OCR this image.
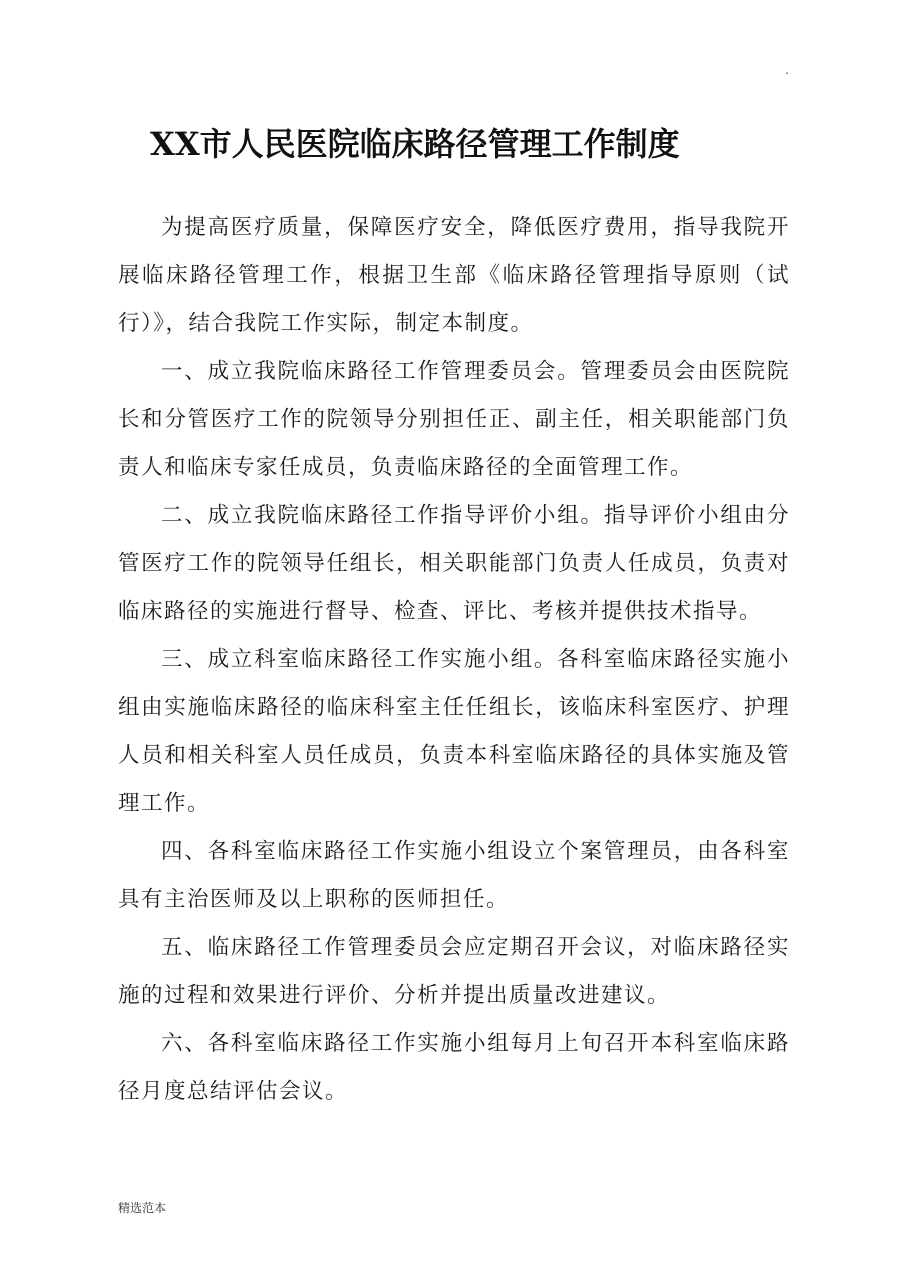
.
XX市人民医院临床路径管理工作制度

为提高医疗质量，保障医疗安全，降低医疗费用，指导我院开展临床路径管理工作，根据卫生部《临床路径管理指导原则（试行）》，结合我院工作实际，制定本制度。

一、成立我院临床路径工作管理委员会。管理委员会由医院院长和分管医疗工作的院领导分别担任正、副主任，相关职能部门负责人和临床专家任成员，负责临床路径的全面管理工作。

二、成立我院临床路径工作指导评价小组。指导评价小组由分管医疗工作的院领导任组长，相关职能部门负责人任成员，负责对临床路径的实施进行督导、检查、评比、考核并提供技术指导。

三、成立科室临床路径工作实施小组。各科室临床路径实施小组由实施临床路径的临床科室主任任组长，该临床科室医疗、护理人员和相关科室人员任成员，负责本科室临床路径的具体实施及管理工作。

四、各科室临床路径工作实施小组设立个案管理员，由各科室具有主治医师及以上职称的医师担任。

五、临床路径工作管理委员会应定期召开会议，对临床路径实施的过程和效果进行评价、分析并提出质量改进建议。

六、各科室临床路径工作实施小组每月上旬召开本科室临床路径月度总结评估会议。

精选范本
